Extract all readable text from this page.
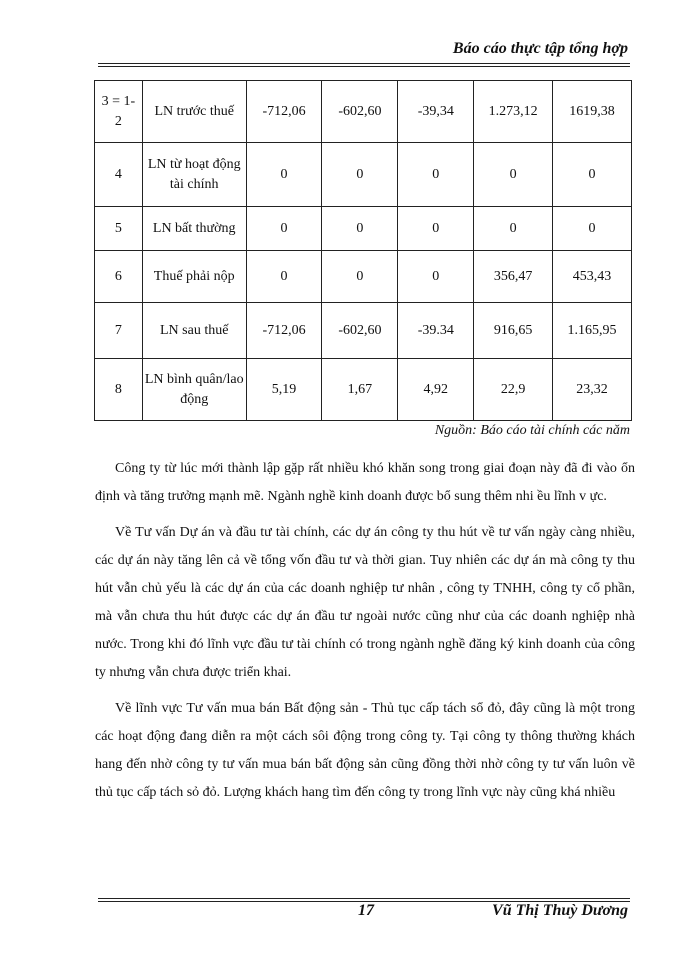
Báo cáo thực tập tổng hợp
3 = 1- 2	LN trước thuế	-712,06	-602,60	-39,34	1.273,12	1619,38
4	LN từ hoạt động tài chính	0	0	0	0	0
5	LN bất thường	0	0	0	0	0
6	Thuế phải nộp	0	0	0	356,47	453,43
7	LN sau thuế	-712,06	-602,60	-39.34	916,65	1.165,95
8	LN bình quân/lao động	5,19	1,67	4,92	22,9	23,32
Nguồn: Báo cáo tài chính các năm

Công ty từ lúc mới thành lập gặp rất nhiều khó khăn song trong giai đoạn này đã đi vào ổn định và tăng trưởng mạnh mẽ. Ngành nghề kinh doanh được bổ sung thêm nhi ều lĩnh v ực.

Về Tư vấn Dự án và đầu tư tài chính, các dự án công ty thu hút về tư vấn ngày càng nhiều, các dự án này tăng lên cả về tổng vốn đầu tư và thời gian. Tuy nhiên các dự án mà công ty thu hút vẫn chủ yếu là các dự án của các doanh nghiệp tư nhân , công ty TNHH, công ty cổ phần, mà vẫn chưa thu hút được các dự án đầu tư ngoài nước cũng như của các doanh nghiệp nhà nước. Trong khi đó lĩnh vực đầu tư tài chính có trong ngành nghề đăng ký kinh doanh của công ty nhưng vẫn chưa được triển khai.

Về lĩnh vực Tư vấn mua bán Bất động sản - Thủ tục cấp tách sổ đỏ, đây cũng là một trong các hoạt động đang diễn ra một cách sôi động trong công ty. Tại công ty thông thường khách hang đến nhờ công ty tư vấn mua bán bất động sản cũng đồng thời nhờ công ty tư vấn luôn về thủ tục cấp tách sỏ đỏ. Lượng khách hang tìm đến công ty trong lĩnh vực này cũng khá nhiều

17	Vũ Thị Thuỳ Dương
